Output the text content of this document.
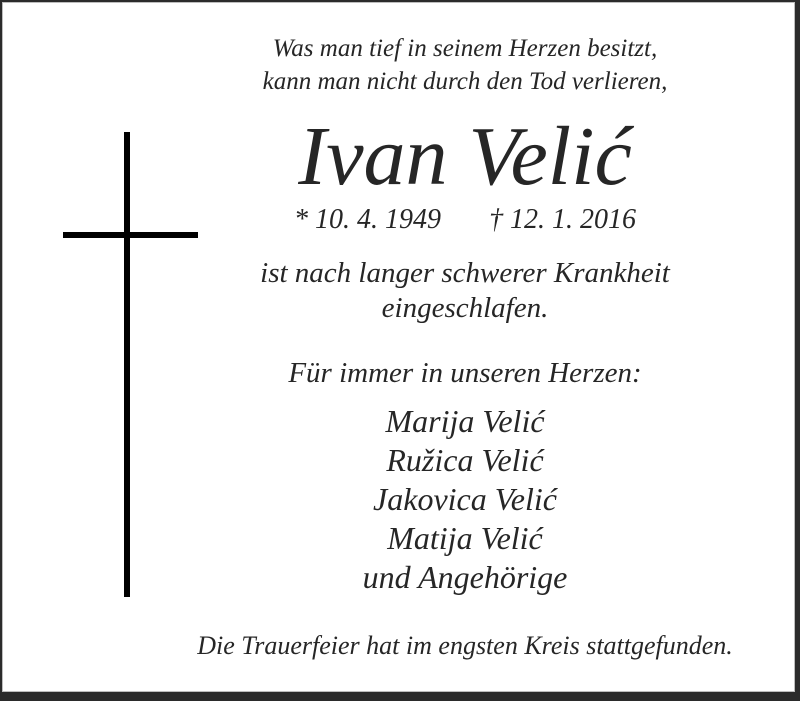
Was man tief in seinem Herzen besitzt,
kann man nicht durch den Tod verlieren,
Ivan Velić
* 10. 4. 1949 † 12. 1. 2016
ist nach langer schwerer Krankheit
eingeschlafen.
Für immer in unseren Herzen:
Marija Velić
Ružica Velić
Jakovica Velić
Matija Velić
und Angehörige
Die Trauerfeier hat im engsten Kreis stattgefunden.
